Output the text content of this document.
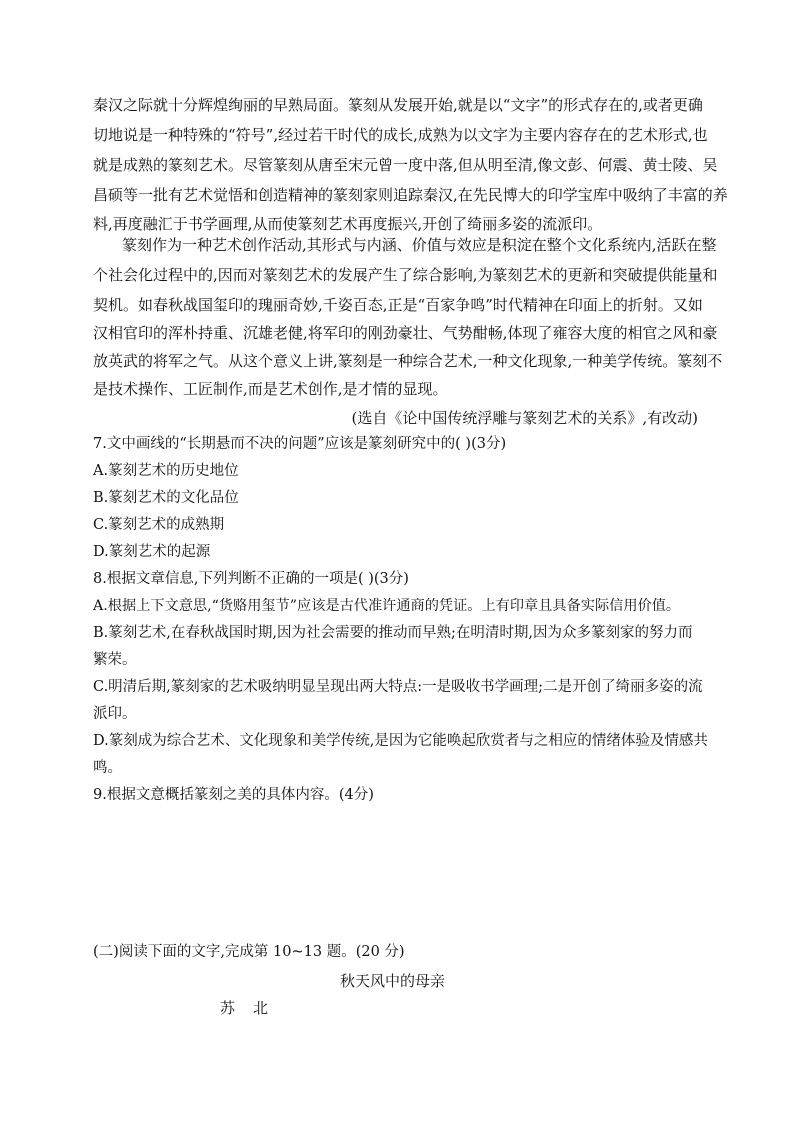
秦汉之际就十分辉煌绚丽的早熟局面。篆刻从发展开始,就是以“文字”的形式存在的,或者更确
切地说是一种特殊的“符号”,经过若干时代的成长,成熟为以文字为主要内容存在的艺术形式,也
就是成熟的篆刻艺术。尽管篆刻从唐至宋元曾一度中落,但从明至清,像文彭、何震、黄士陵、吴
昌硕等一批有艺术觉悟和创造精神的篆刻家则追踪秦汉,在先民博大的印学宝库中吸纳了丰富的养
料,再度融汇于书学画理,从而使篆刻艺术再度振兴,开创了绮丽多姿的流派印。
篆刻作为一种艺术创作活动,其形式与内涵、价值与效应是积淀在整个文化系统内,活跃在整
个社会化过程中的,因而对篆刻艺术的发展产生了综合影响,为篆刻艺术的更新和突破提供能量和
契机。如春秋战国玺印的瑰丽奇妙,千姿百态,正是“百家争鸣”时代精神在印面上的折射。又如
汉相官印的浑朴持重、沉雄老健,将军印的刚劲豪壮、气势酣畅,体现了雍容大度的相官之风和豪
放英武的将军之气。从这个意义上讲,篆刻是一种综合艺术,一种文化现象,一种美学传统。篆刻不
是技术操作、工匠制作,而是艺术创作,是才情的显现。
(选自《论中国传统浮雕与篆刻艺术的关系》,有改动)
7.文中画线的“长期悬而不决的问题”应该是篆刻研究中的( )(3分)
A.篆刻艺术的历史地位
B.篆刻艺术的文化品位
C.篆刻艺术的成熟期
D.篆刻艺术的起源
8.根据文章信息,下列判断不正确的一项是( )(3分)
A.根据上下文意思,“货赂用玺节”应该是古代准许通商的凭证。上有印章且具备实际信用价值。
B.篆刻艺术,在春秋战国时期,因为社会需要的推动而早熟;在明清时期,因为众多篆刻家的努力而
繁荣。
C.明清后期,篆刻家的艺术吸纳明显呈现出两大特点:一是吸收书学画理;二是开创了绮丽多姿的流
派印。
D.篆刻成为综合艺术、文化现象和美学传统,是因为它能唤起欣赏者与之相应的情绪体验及情感共
鸣。
9.根据文意概括篆刻之美的具体内容。(4分)
(二)阅读下面的文字,完成第 10~13 题。(20 分)
秋天风中的母亲
苏北
